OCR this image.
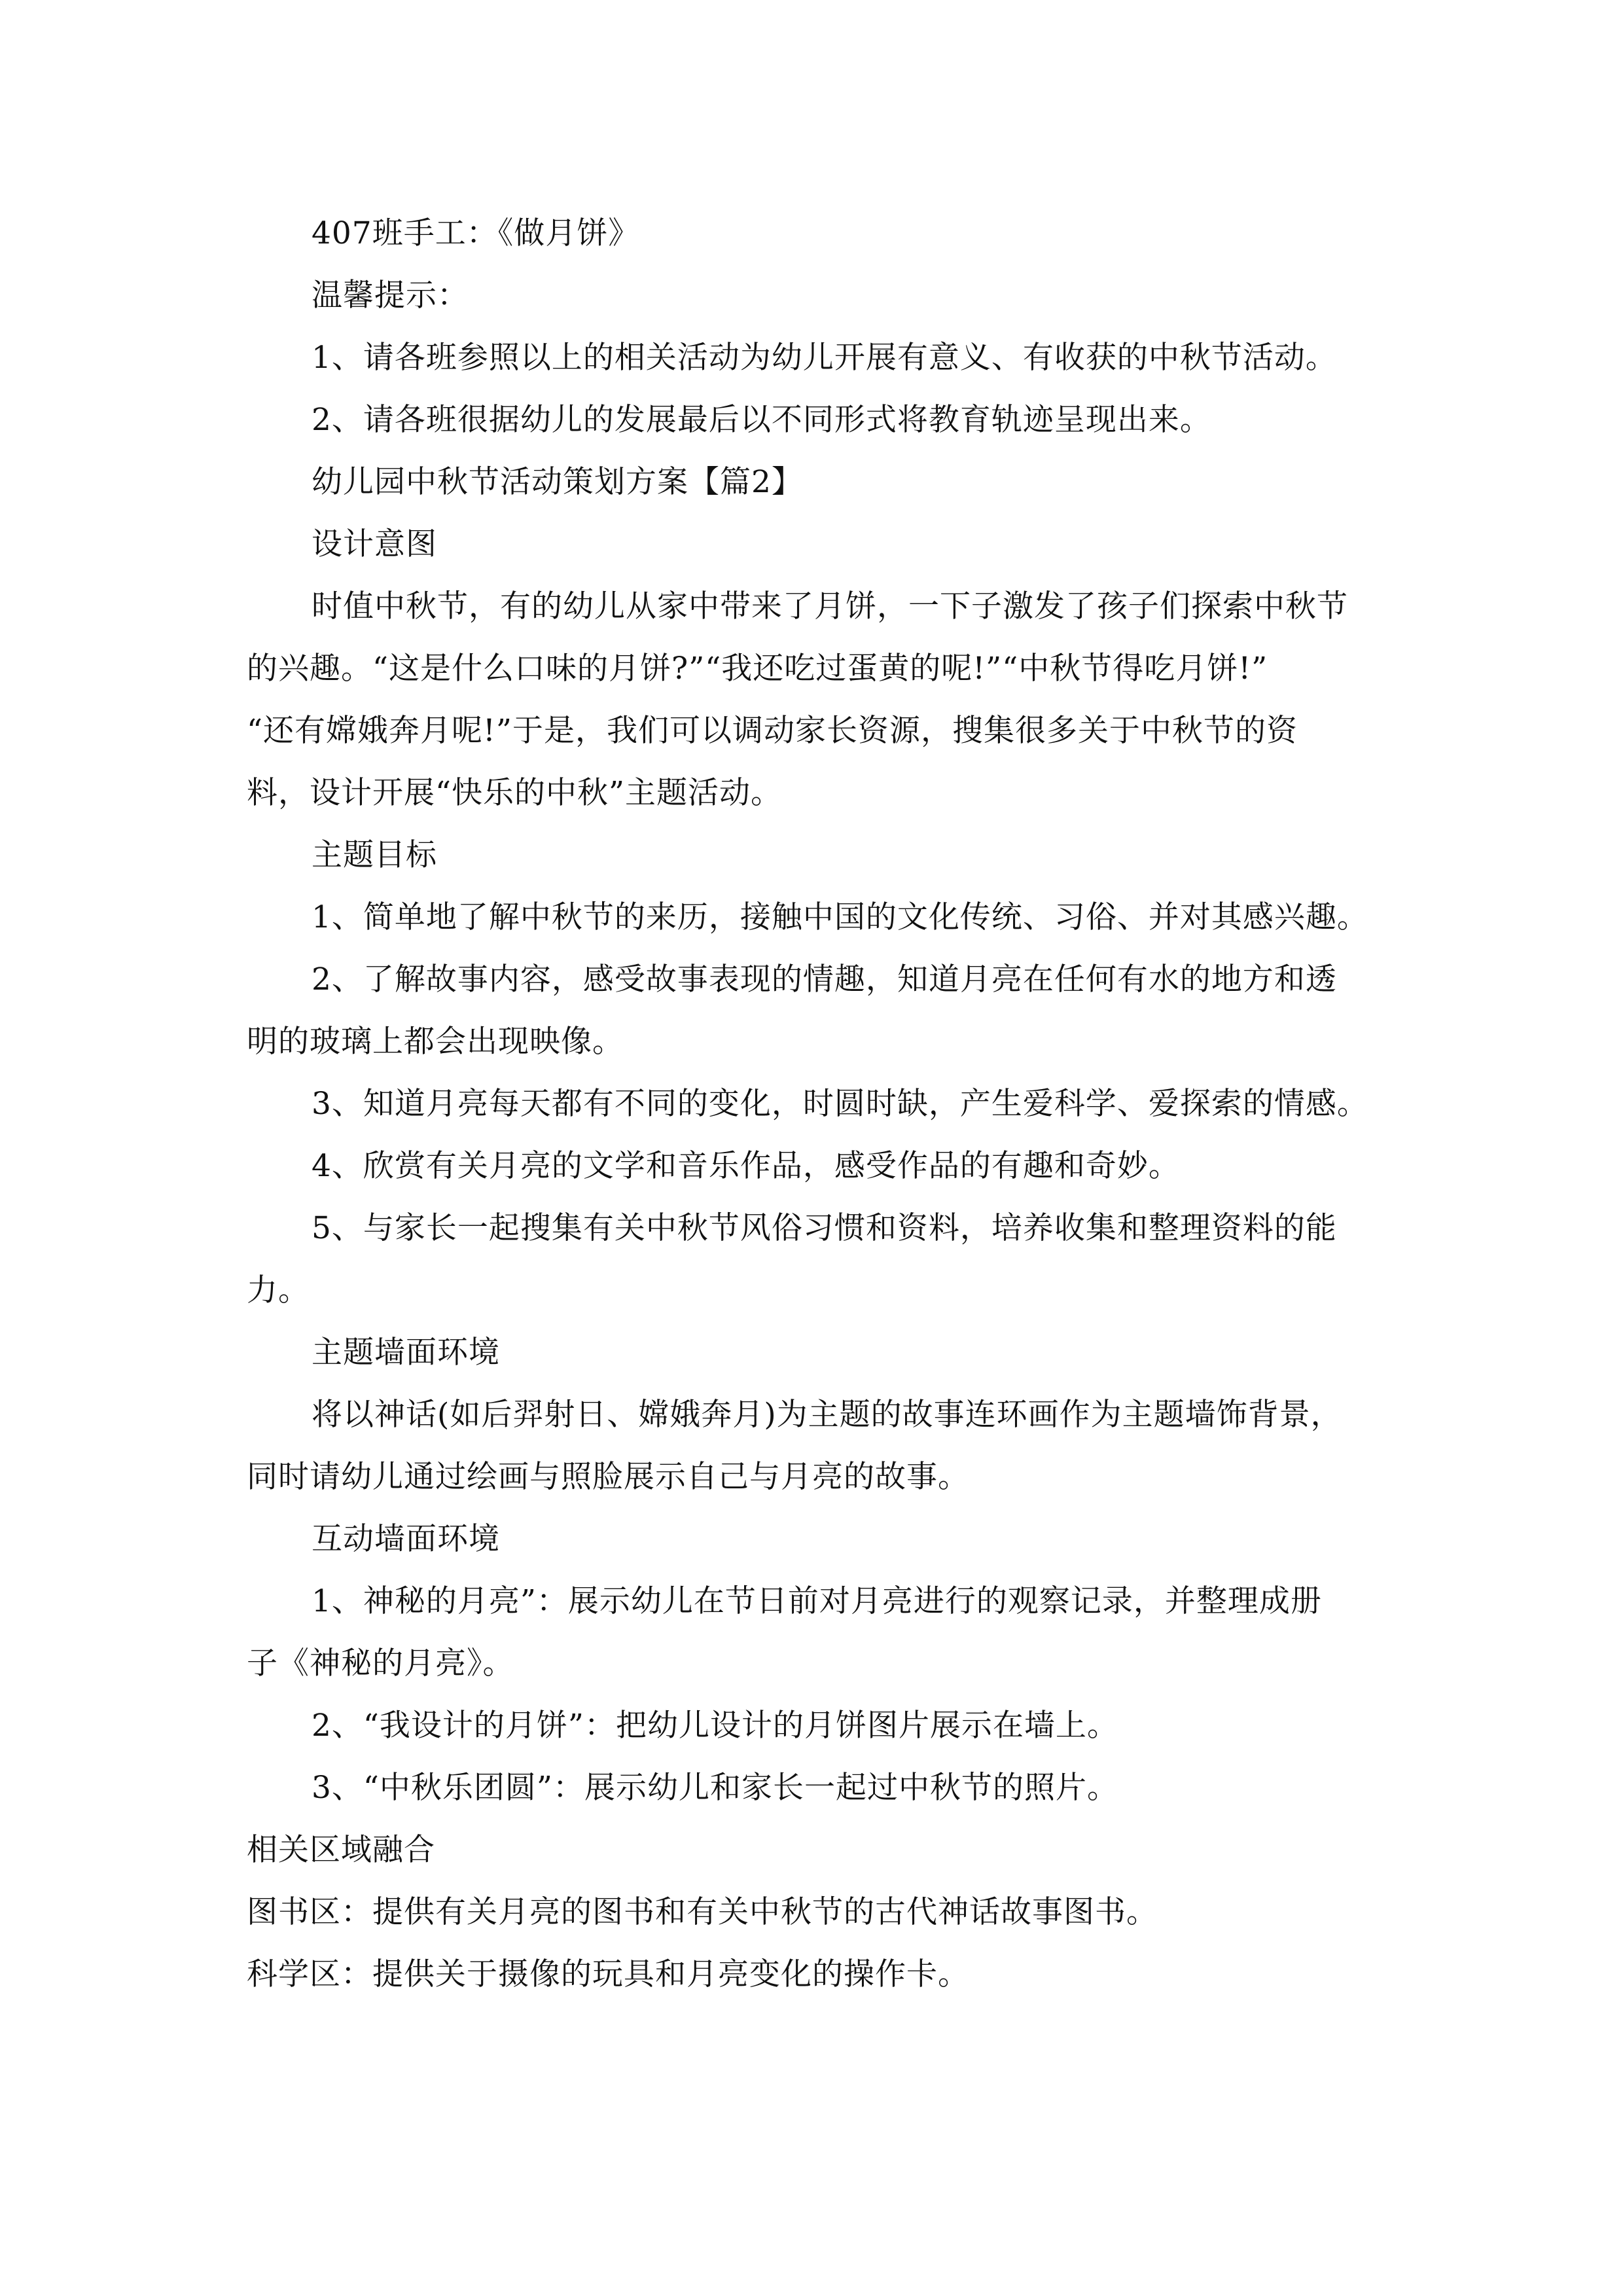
407班手工：《做月饼》
温馨提示：
1、请各班参照以上的相关活动为幼儿开展有意义、有收获的中秋节活动。
2、请各班很据幼儿的发展最后以不同形式将教育轨迹呈现出来。
幼儿园中秋节活动策划方案【篇2】
设计意图
时值中秋节，有的幼儿从家中带来了月饼，一下子激发了孩子们探索中秋节
的兴趣。“这是什么口味的月饼?”“我还吃过蛋黄的呢!”“中秋节得吃月饼!”
“还有嫦娥奔月呢!”于是，我们可以调动家长资源，搜集很多关于中秋节的资
料，设计开展“快乐的中秋”主题活动。
主题目标
1、简单地了解中秋节的来历，接触中国的文化传统、习俗、并对其感兴趣。
2、了解故事内容，感受故事表现的情趣，知道月亮在任何有水的地方和透
明的玻璃上都会出现映像。
3、知道月亮每天都有不同的变化，时圆时缺，产生爱科学、爱探索的情感。
4、欣赏有关月亮的文学和音乐作品，感受作品的有趣和奇妙。
5、与家长一起搜集有关中秋节风俗习惯和资料，培养收集和整理资料的能
力。
主题墙面环境
将以神话(如后羿射日、嫦娥奔月)为主题的故事连环画作为主题墙饰背景，
同时请幼儿通过绘画与照脸展示自己与月亮的故事。
互动墙面环境
1、神秘的月亮”：展示幼儿在节日前对月亮进行的观察记录，并整理成册
子《神秘的月亮》。
2、“我设计的月饼”：把幼儿设计的月饼图片展示在墙上。
3、“中秋乐团圆”：展示幼儿和家长一起过中秋节的照片。
相关区域融合
图书区：提供有关月亮的图书和有关中秋节的古代神话故事图书。
科学区：提供关于摄像的玩具和月亮变化的操作卡。
